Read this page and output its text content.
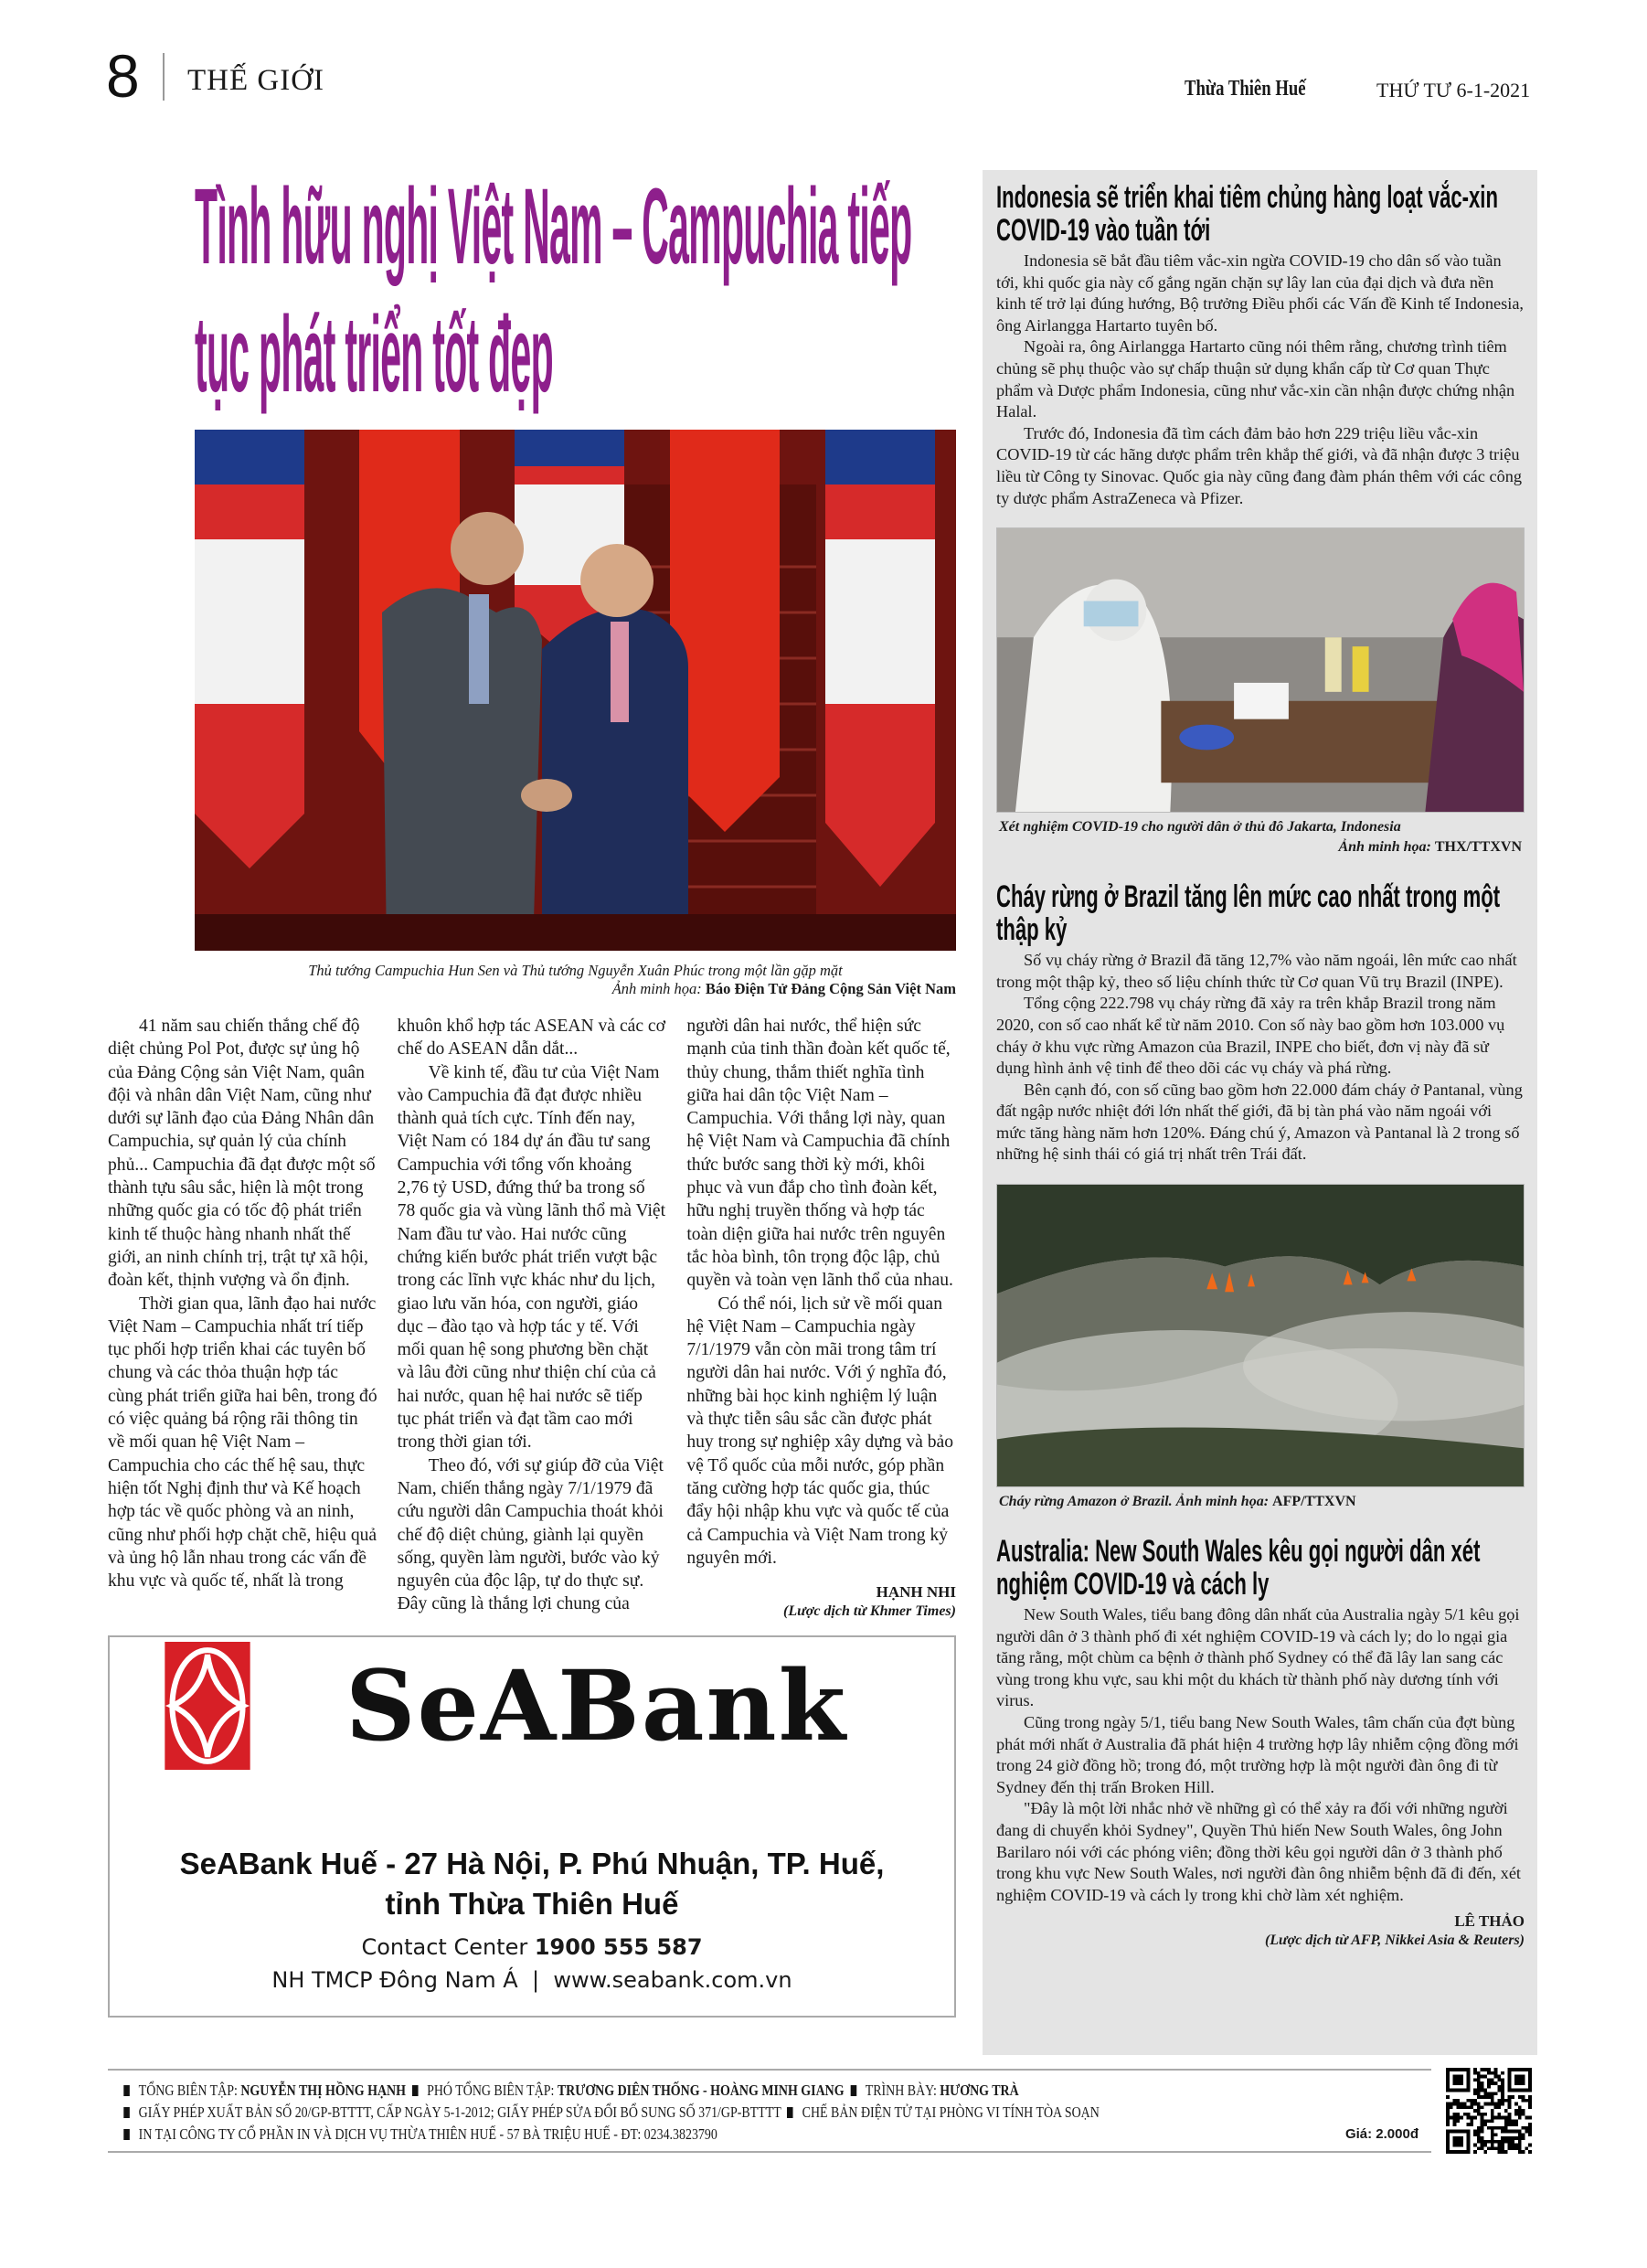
8 THẾ GIỚI	Thừa Thiên Huế	THỨ TƯ 6-1-2021
Tình hữu nghị Việt Nam – Campuchia tiếp tục phát triển tốt đẹp
Thủ tướng Campuchia Hun Sen và Thủ tướng Nguyễn Xuân Phúc trong một lần gặp mặt
Ảnh minh họa: Báo Điện Tử Đảng Cộng Sản Việt Nam

41 năm sau chiến thắng chế độ diệt chủng Pol Pot, được sự ủng hộ của Đảng Cộng sản Việt Nam, quân đội và nhân dân Việt Nam, cũng như dưới sự lãnh đạo của Đảng Nhân dân Campuchia, sự quản lý của chính phủ... Campuchia đã đạt được một số thành tựu sâu sắc, hiện là một trong những quốc gia có tốc độ phát triển kinh tế thuộc hàng nhanh nhất thế giới, an ninh chính trị, trật tự xã hội, đoàn kết, thịnh vượng và ổn định.

Thời gian qua, lãnh đạo hai nước Việt Nam – Campuchia nhất trí tiếp tục phối hợp triển khai các tuyên bố chung và các thỏa thuận hợp tác cùng phát triển giữa hai bên, trong đó có việc quảng bá rộng rãi thông tin về mối quan hệ Việt Nam – Campuchia cho các thế hệ sau, thực hiện tốt Nghị định thư và Kế hoạch hợp tác về quốc phòng và an ninh, cũng như phối hợp chặt chẽ, hiệu quả và ủng hộ lẫn nhau trong các vấn đề khu vực và quốc tế, nhất là trong khuôn khổ hợp tác ASEAN và các cơ chế do ASEAN dẫn dắt...

Về kinh tế, đầu tư của Việt Nam vào Campuchia đã đạt được nhiều thành quả tích cực. Tính đến nay, Việt Nam có 184 dự án đầu tư sang Campuchia với tổng vốn khoảng 2,76 tỷ USD, đứng thứ ba trong số 78 quốc gia và vùng lãnh thổ mà Việt Nam đầu tư vào. Hai nước cũng chứng kiến bước phát triển vượt bậc trong các lĩnh vực khác như du lịch, giao lưu văn hóa, con người, giáo dục – đào tạo và hợp tác y tế. Với mối quan hệ song phương bền chặt và lâu đời cũng như thiện chí của cả hai nước, quan hệ hai nước sẽ tiếp tục phát triển và đạt tầm cao mới trong thời gian tới.

Theo đó, với sự giúp đỡ của Việt Nam, chiến thắng ngày 7/1/1979 đã cứu người dân Campuchia thoát khỏi chế độ diệt chủng, giành lại quyền sống, quyền làm người, bước vào kỷ nguyên của độc lập, tự do thực sự. Đây cũng là thắng lợi chung của người dân hai nước, thể hiện sức mạnh của tinh thần đoàn kết quốc tế, thủy chung, thắm thiết nghĩa tình giữa hai dân tộc Việt Nam – Campuchia. Với thắng lợi này, quan hệ Việt Nam và Campuchia đã chính thức bước sang thời kỳ mới, khôi phục và vun đắp cho tình đoàn kết, hữu nghị truyền thống và hợp tác toàn diện giữa hai nước trên nguyên tắc hòa bình, tôn trọng độc lập, chủ quyền và toàn vẹn lãnh thổ của nhau.

Có thể nói, lịch sử về mối quan hệ Việt Nam – Campuchia ngày 7/1/1979 vẫn còn mãi trong tâm trí người dân hai nước. Với ý nghĩa đó, những bài học kinh nghiệm lý luận và thực tiễn sâu sắc cần được phát huy trong sự nghiệp xây dựng và bảo vệ Tổ quốc của mỗi nước, góp phần tăng cường hợp tác quốc gia, thúc đẩy hội nhập khu vực và quốc tế của cả Campuchia và Việt Nam trong kỷ nguyên mới.

HẠNH NHI
(Lược dịch từ Khmer Times)
SeABank
SeABank Huế - 27 Hà Nội, P. Phú Nhuận, TP. Huế, tỉnh Thừa Thiên Huế
Contact Center 1900 555 587
NH TMCP Đông Nam Á | www.seabank.com.vn
Indonesia sẽ triển khai tiêm chủng hàng loạt vắc-xin COVID-19 vào tuần tới

Indonesia sẽ bắt đầu tiêm vắc-xin ngừa COVID-19 cho dân số vào tuần tới, khi quốc gia này cố gắng ngăn chặn sự lây lan của đại dịch và đưa nền kinh tế trở lại đúng hướng, Bộ trưởng Điều phối các Vấn đề Kinh tế Indonesia, ông Airlangga Hartarto tuyên bố.

Ngoài ra, ông Airlangga Hartarto cũng nói thêm rằng, chương trình tiêm chủng sẽ phụ thuộc vào sự chấp thuận sử dụng khẩn cấp từ Cơ quan Thực phẩm và Dược phẩm Indonesia, cũng như vắc-xin cần nhận được chứng nhận Halal.

Trước đó, Indonesia đã tìm cách đảm bảo hơn 229 triệu liều vắc-xin COVID-19 từ các hãng dược phẩm trên khắp thế giới, và đã nhận được 3 triệu liều từ Công ty Sinovac. Quốc gia này cũng đang đàm phán thêm với các công ty dược phẩm AstraZeneca và Pfizer.

Xét nghiệm COVID-19 cho người dân ở thủ đô Jakarta, Indonesia
Ảnh minh họa: THX/TTXVN
Cháy rừng ở Brazil tăng lên mức cao nhất trong một thập kỷ

Số vụ cháy rừng ở Brazil đã tăng 12,7% vào năm ngoái, lên mức cao nhất trong một thập kỷ, theo số liệu chính thức từ Cơ quan Vũ trụ Brazil (INPE).

Tổng cộng 222.798 vụ cháy rừng đã xảy ra trên khắp Brazil trong năm 2020, con số cao nhất kể từ năm 2010. Con số này bao gồm hơn 103.000 vụ cháy ở khu vực rừng Amazon của Brazil, INPE cho biết, đơn vị này đã sử dụng hình ảnh vệ tinh để theo dõi các vụ cháy và phá rừng.

Bên cạnh đó, con số cũng bao gồm hơn 22.000 đám cháy ở Pantanal, vùng đất ngập nước nhiệt đới lớn nhất thế giới, đã bị tàn phá vào năm ngoái với mức tăng hàng năm hơn 120%. Đáng chú ý, Amazon và Pantanal là 2 trong số những hệ sinh thái có giá trị nhất trên Trái đất.

Cháy rừng Amazon ở Brazil. Ảnh minh họa: AFP/TTXVN
Australia: New South Wales kêu gọi người dân xét nghiệm COVID-19 và cách ly

New South Wales, tiểu bang đông dân nhất của Australia ngày 5/1 kêu gọi người dân ở 3 thành phố đi xét nghiệm COVID-19 và cách ly; do lo ngại gia tăng rằng, một chùm ca bệnh ở thành phố Sydney có thể đã lây lan sang các vùng trong khu vực, sau khi một du khách từ thành phố này dương tính với virus.

Cũng trong ngày 5/1, tiểu bang New South Wales, tâm chấn của đợt bùng phát mới nhất ở Australia đã phát hiện 4 trường hợp lây nhiễm cộng đồng mới trong 24 giờ đồng hồ; trong đó, một trường hợp là một người đàn ông đi từ Sydney đến thị trấn Broken Hill.

"Đây là một lời nhắc nhở về những gì có thể xảy ra đối với những người đang di chuyển khỏi Sydney", Quyền Thủ hiến New South Wales, ông John Barilaro nói với các phóng viên; đồng thời kêu gọi người dân ở 3 thành phố trong khu vực New South Wales, nơi người đàn ông nhiễm bệnh đã đi đến, xét nghiệm COVID-19 và cách ly trong khi chờ làm xét nghiệm.

LÊ THẢO
(Lược dịch từ AFP, Nikkei Asia & Reuters)
TỔNG BIÊN TẬP: NGUYỄN THỊ HỒNG HẠNH PHÓ TỔNG BIÊN TẬP: TRƯƠNG DIÊN THỐNG - HOÀNG MINH GIANG TRÌNH BÀY: HƯƠNG TRÀ
GIẤY PHÉP XUẤT BẢN SỐ 20/GP-BTTTT, CẤP NGÀY 5-1-2012; GIẤY PHÉP SỬA ĐỔI BỔ SUNG SỐ 371/GP-BTTTT CHẾ BẢN ĐIỆN TỬ TẠI PHÒNG VI TÍNH TÒA SOẠN
IN TẠI CÔNG TY CỔ PHẦN IN VÀ DỊCH VỤ THỪA THIÊN HUẾ - 57 BÀ TRIỆU HUẾ - ĐT: 0234.3823790	Giá: 2.000đ
